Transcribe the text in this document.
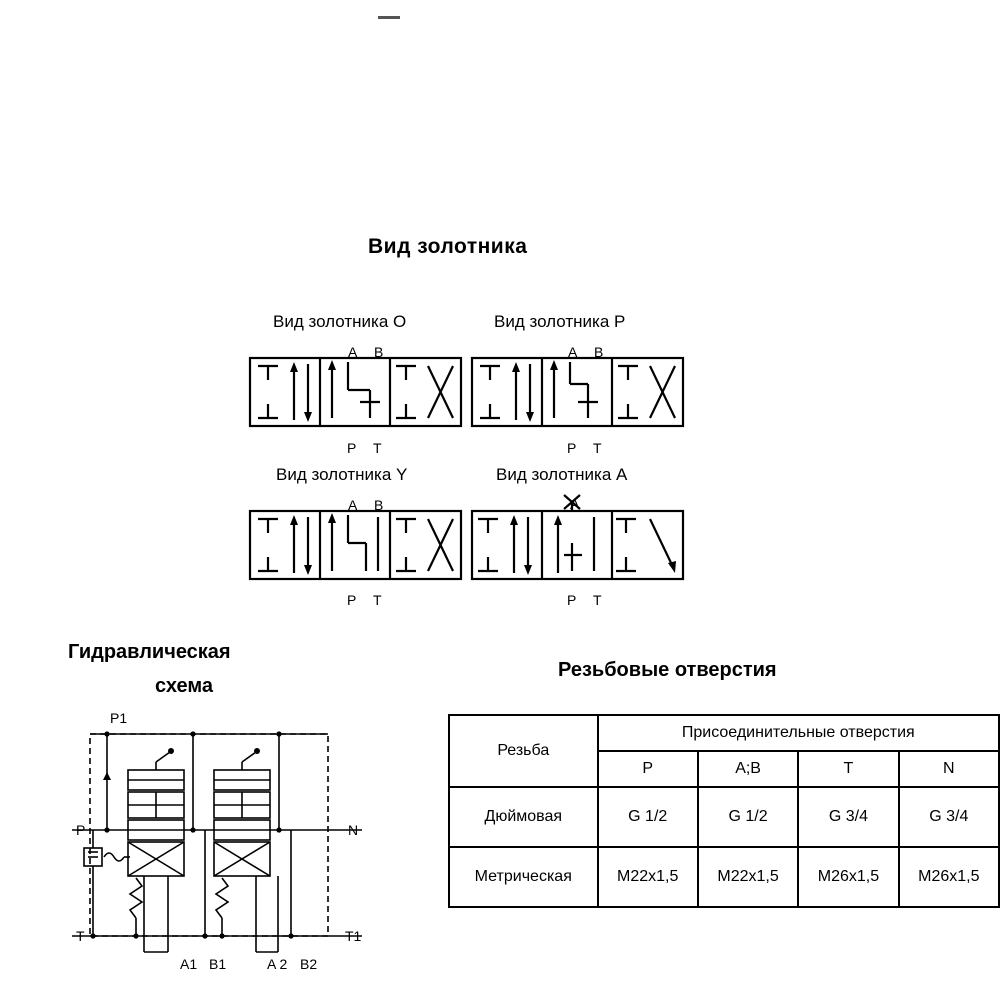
Вид золотника
Вид золотника O
A B
P T
Вид золотника P
A B
P T
Вид золотника Y
A B
P T
Вид золотника A
A
P T
Гидравлическая
схема
P1
P
T
N
T1
A1 B1	A 2 B2
Резьбовые отверстия
Резьба	Присоединительные отверстия			
	P	A;B	T	N
Дюймовая	G 1/2	G 1/2	G 3/4	G 3/4
Метрическая	M22x1,5	M22x1,5	M26x1,5	M26x1,5
